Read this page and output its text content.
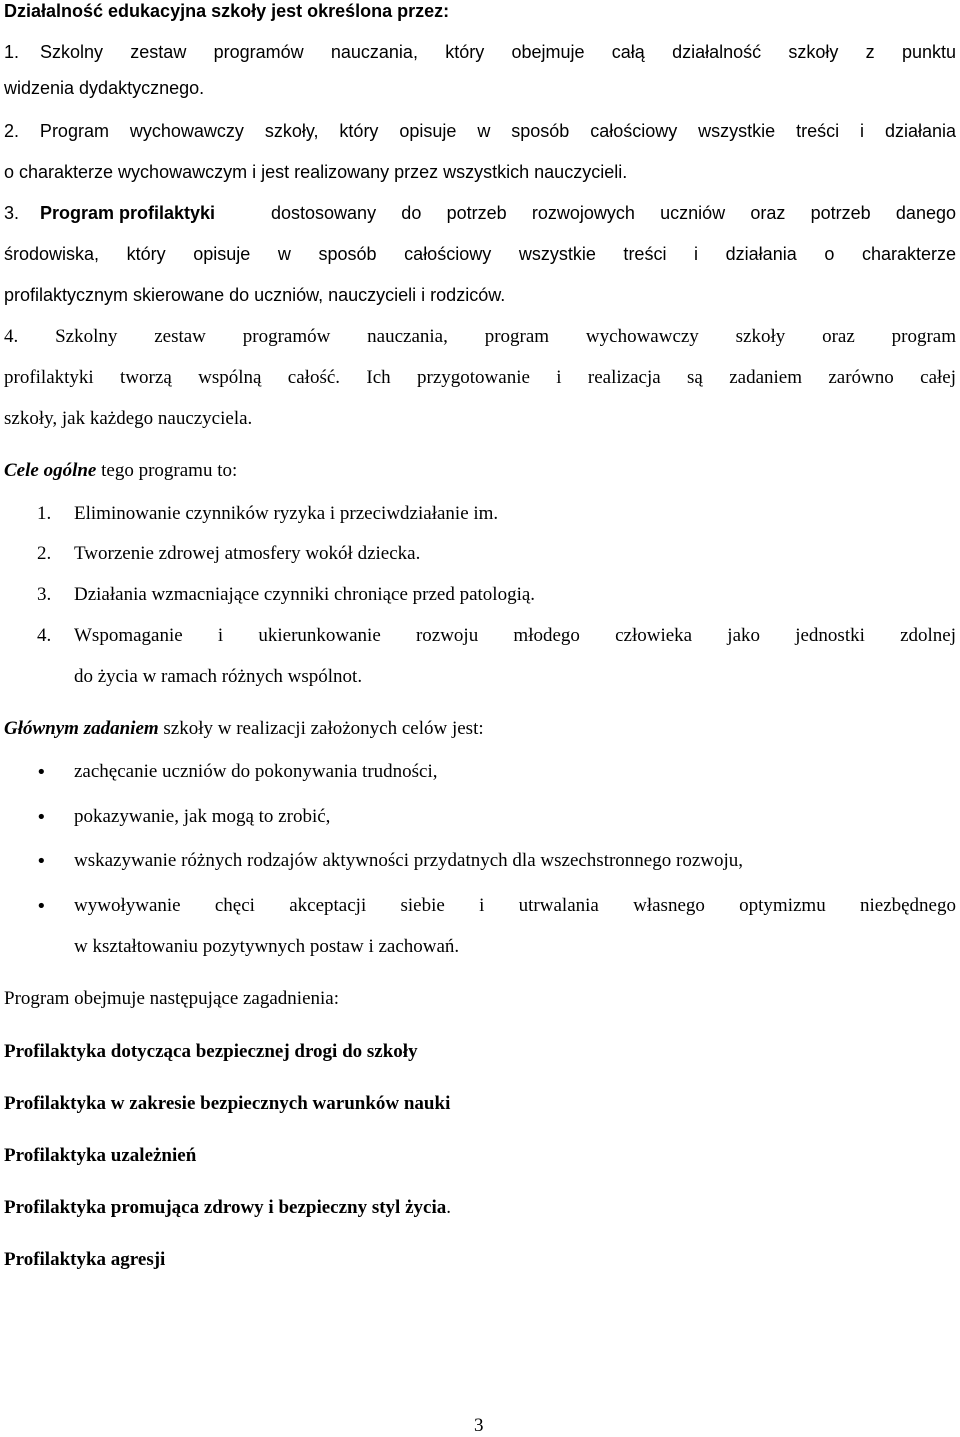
Działalność edukacyjna szkoły jest określona przez:
1. Szkolny zestaw programów nauczania, który obejmuje całą działalność szkoły z punktu
widzenia dydaktycznego.
2. Program wychowawczy szkoły, który opisuje w sposób całościowy wszystkie treści i działania
o charakterze wychowawczym i jest realizowany przez wszystkich nauczycieli.
3. Program profilaktyki	dostosowany do potrzeb rozwojowych uczniów oraz potrzeb danego
środowiska, który opisuje w sposób całościowy wszystkie treści i działania o charakterze
profilaktycznym skierowane do uczniów, nauczycieli i rodziców.
4. Szkolny zestaw programów nauczania, program wychowawczy szkoły oraz program
profilaktyki tworzą wspólną całość. Ich przygotowanie i realizacja są zadaniem zarówno całej
szkoły, jak każdego nauczyciela.
Cele ogólne tego programu to:
1. Eliminowanie czynników ryzyka i przeciwdziałanie im.
2. Tworzenie zdrowej atmosfery wokół dziecka.
3. Działania wzmacniające czynniki chroniące przed patologią.
4. Wspomaganie i ukierunkowanie rozwoju młodego człowieka jako jednostki zdolnej
do życia w ramach różnych wspólnot.
Głównym zadaniem szkoły w realizacji założonych celów jest:
• zachęcanie uczniów do pokonywania trudności,
• pokazywanie, jak mogą to zrobić,
• wskazywanie różnych rodzajów aktywności przydatnych dla wszechstronnego rozwoju,
• wywoływanie chęci akceptacji siebie i utrwalania własnego optymizmu niezbędnego
w kształtowaniu pozytywnych postaw i zachowań.
Program obejmuje następujące zagadnienia:
Profilaktyka dotycząca bezpiecznej drogi do szkoły
Profilaktyka w zakresie bezpiecznych warunków nauki
Profilaktyka uzależnień
Profilaktyka promująca zdrowy i bezpieczny styl życia.
Profilaktyka agresji
3
